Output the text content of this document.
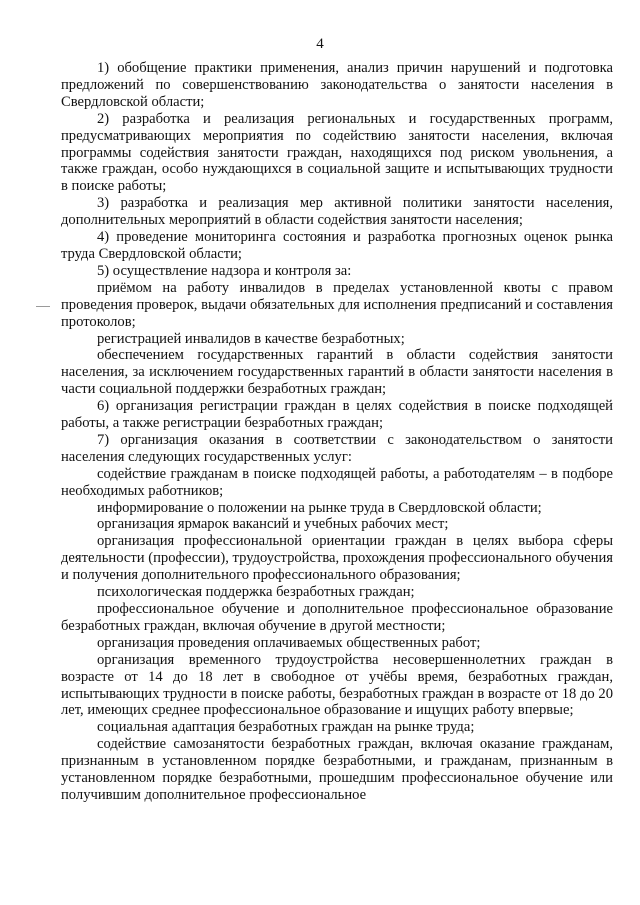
4

1) обобщение практики применения, анализ причин нарушений и подготовка предложений по совершенствованию законодательства о занятости населения в Свердловской области;

2) разработка и реализация региональных и государственных программ, предусматривающих мероприятия по содействию занятости населения, включая программы содействия занятости граждан, находящихся под риском увольнения, а также граждан, особо нуждающихся в социальной защите и испытывающих трудности в поиске работы;

3) разработка и реализация мер активной политики занятости населения, дополнительных мероприятий в области содействия занятости населения;

4) проведение мониторинга состояния и разработка прогнозных оценок рынка труда Свердловской области;

5) осуществление надзора и контроля за:

приёмом на работу инвалидов в пределах установленной квоты с правом проведения проверок, выдачи обязательных для исполнения предписаний и составления протоколов;

регистрацией инвалидов в качестве безработных;

обеспечением государственных гарантий в области содействия занятости населения, за исключением государственных гарантий в области занятости населения в части социальной поддержки безработных граждан;

6) организация регистрации граждан в целях содействия в поиске подходящей работы, а также регистрации безработных граждан;

7) организация оказания в соответствии с законодательством о занятости населения следующих государственных услуг:

содействие гражданам в поиске подходящей работы, а работодателям – в подборе необходимых работников;

информирование о положении на рынке труда в Свердловской области;

организация ярмарок вакансий и учебных рабочих мест;

организация профессиональной ориентации граждан в целях выбора сферы деятельности (профессии), трудоустройства, прохождения профессионального обучения и получения дополнительного профессионального образования;

психологическая поддержка безработных граждан;

профессиональное обучение и дополнительное профессиональное образование безработных граждан, включая обучение в другой местности;

организация проведения оплачиваемых общественных работ;

организация временного трудоустройства несовершеннолетних граждан в возрасте от 14 до 18 лет в свободное от учёбы время, безработных граждан, испытывающих трудности в поиске работы, безработных граждан в возрасте от 18 до 20 лет, имеющих среднее профессиональное образование и ищущих работу впервые;

социальная адаптация безработных граждан на рынке труда;

содействие самозанятости безработных граждан, включая оказание гражданам, признанным в установленном порядке безработными, и гражданам, признанным в установленном порядке безработными, прошедшим профессиональное обучение или получившим дополнительное профессиональное
